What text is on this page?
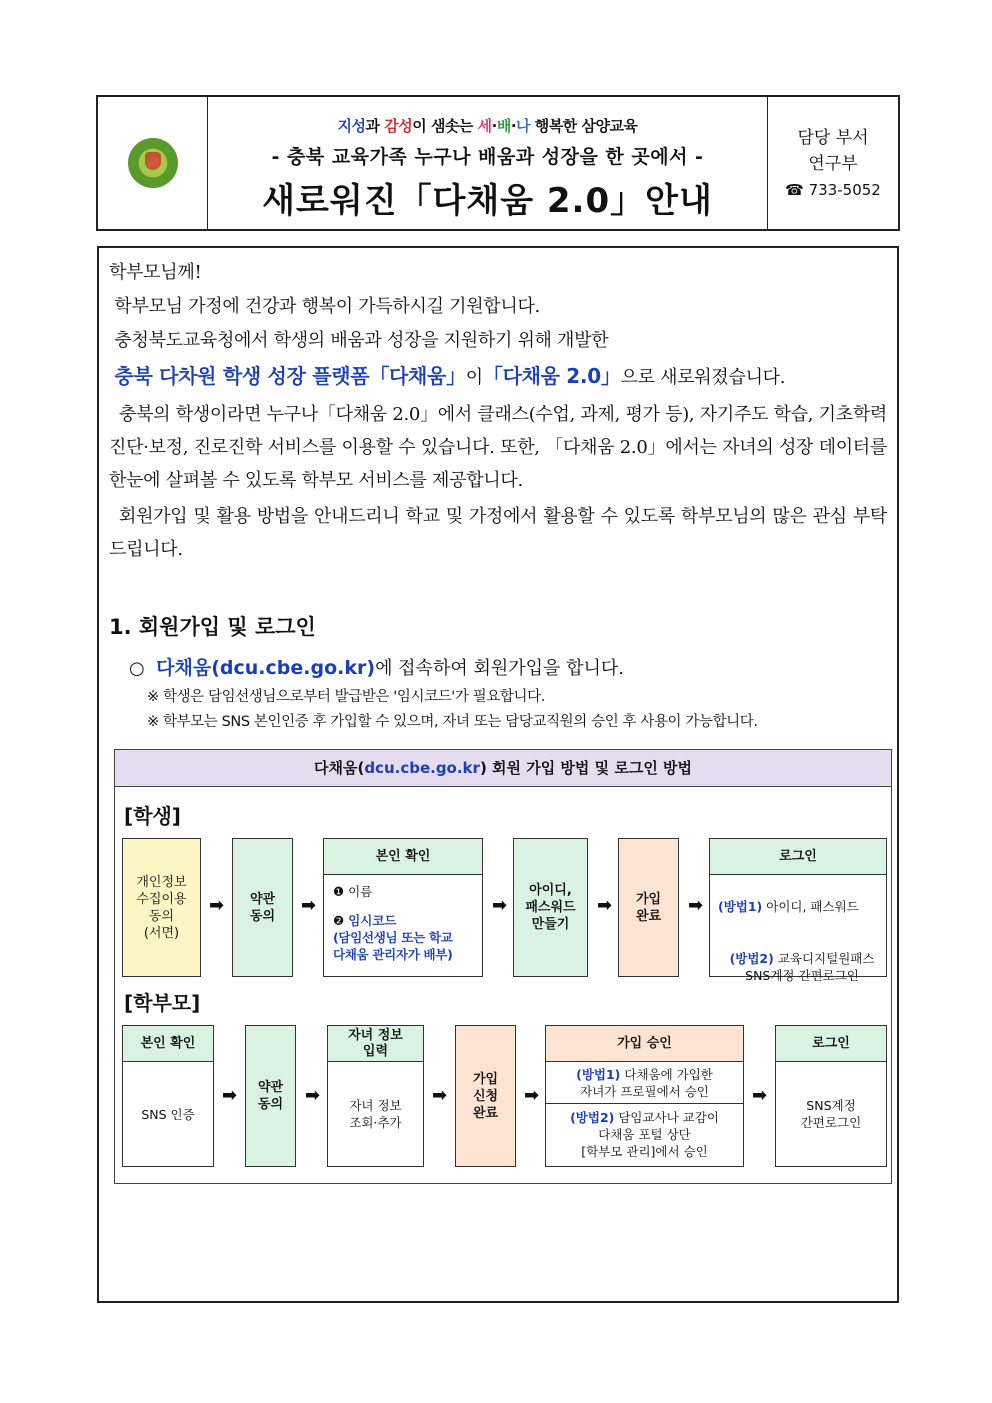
지성과 감성이 샘솟는 세·배·나 행복한 삼양교육
- 충북 교육가족 누구나 배움과 성장을 한 곳에서 -
새로워진「다채움 2.0」안내
담당 부서
연구부
☎ 733-5052
학부모님께!
학부모님 가정에 건강과 행복이 가득하시길 기원합니다.
충청북도교육청에서 학생의 배움과 성장을 지원하기 위해 개발한
충북 다차원 학생 성장 플랫폼「다채움」이「다채움 2.0」으로 새로워졌습니다.
충북의 학생이라면 누구나「다채움 2.0」에서 클래스(수업, 과제, 평가 등), 자기주도 학습, 기초학력 진단·보정, 진로진학 서비스를 이용할 수 있습니다. 또한, 「다채움 2.0」에서는 자녀의 성장 데이터를 한눈에 살펴볼 수 있도록 학부모 서비스를 제공합니다.
회원가입 및 활용 방법을 안내드리니 학교 및 가정에서 활용할 수 있도록 학부모님의 많은 관심 부탁드립니다.
1. 회원가입 및 로그인
○ 다채움(dcu.cbe.go.kr)에 접속하여 회원가입을 합니다.
※ 학생은 담임선생님으로부터 발급받은 '임시코드'가 필요합니다.
※ 학부모는 SNS 본인인증 후 가입할 수 있으며, 자녀 또는 담당교직원의 승인 후 사용이 가능합니다.
다채움(dcu.cbe.go.kr) 회원 가입 방법 및 로그인 방법
[학생]
개인정보
수집이용
동의
(서면)
➡	약관
동의	➡
본인 확인
❶ 이름
❷ 임시코드
(담임선생님 또는 학교
다채움 관리자가 배부)
➡
아이디,
패스워드
만들기
➡	가입
완료	➡
로그인

(방법1) 아이디, 패스워드

(방법2) 교육디지털원패스
SNS계정 간편로그인

[학부모]
본인 확인
SNS 인증
➡	약관
동의	➡
자녀 정보
입력
자녀 정보
조회·추가
➡
가입
신청
완료
➡
가입 승인
(방법1) 다채움에 가입한
자녀가 프로필에서 승인
(방법2) 담임교사나 교감이
다채움 포털 상단
[학부모 관리]에서 승인
➡
로그인
SNS계정
간편로그인
